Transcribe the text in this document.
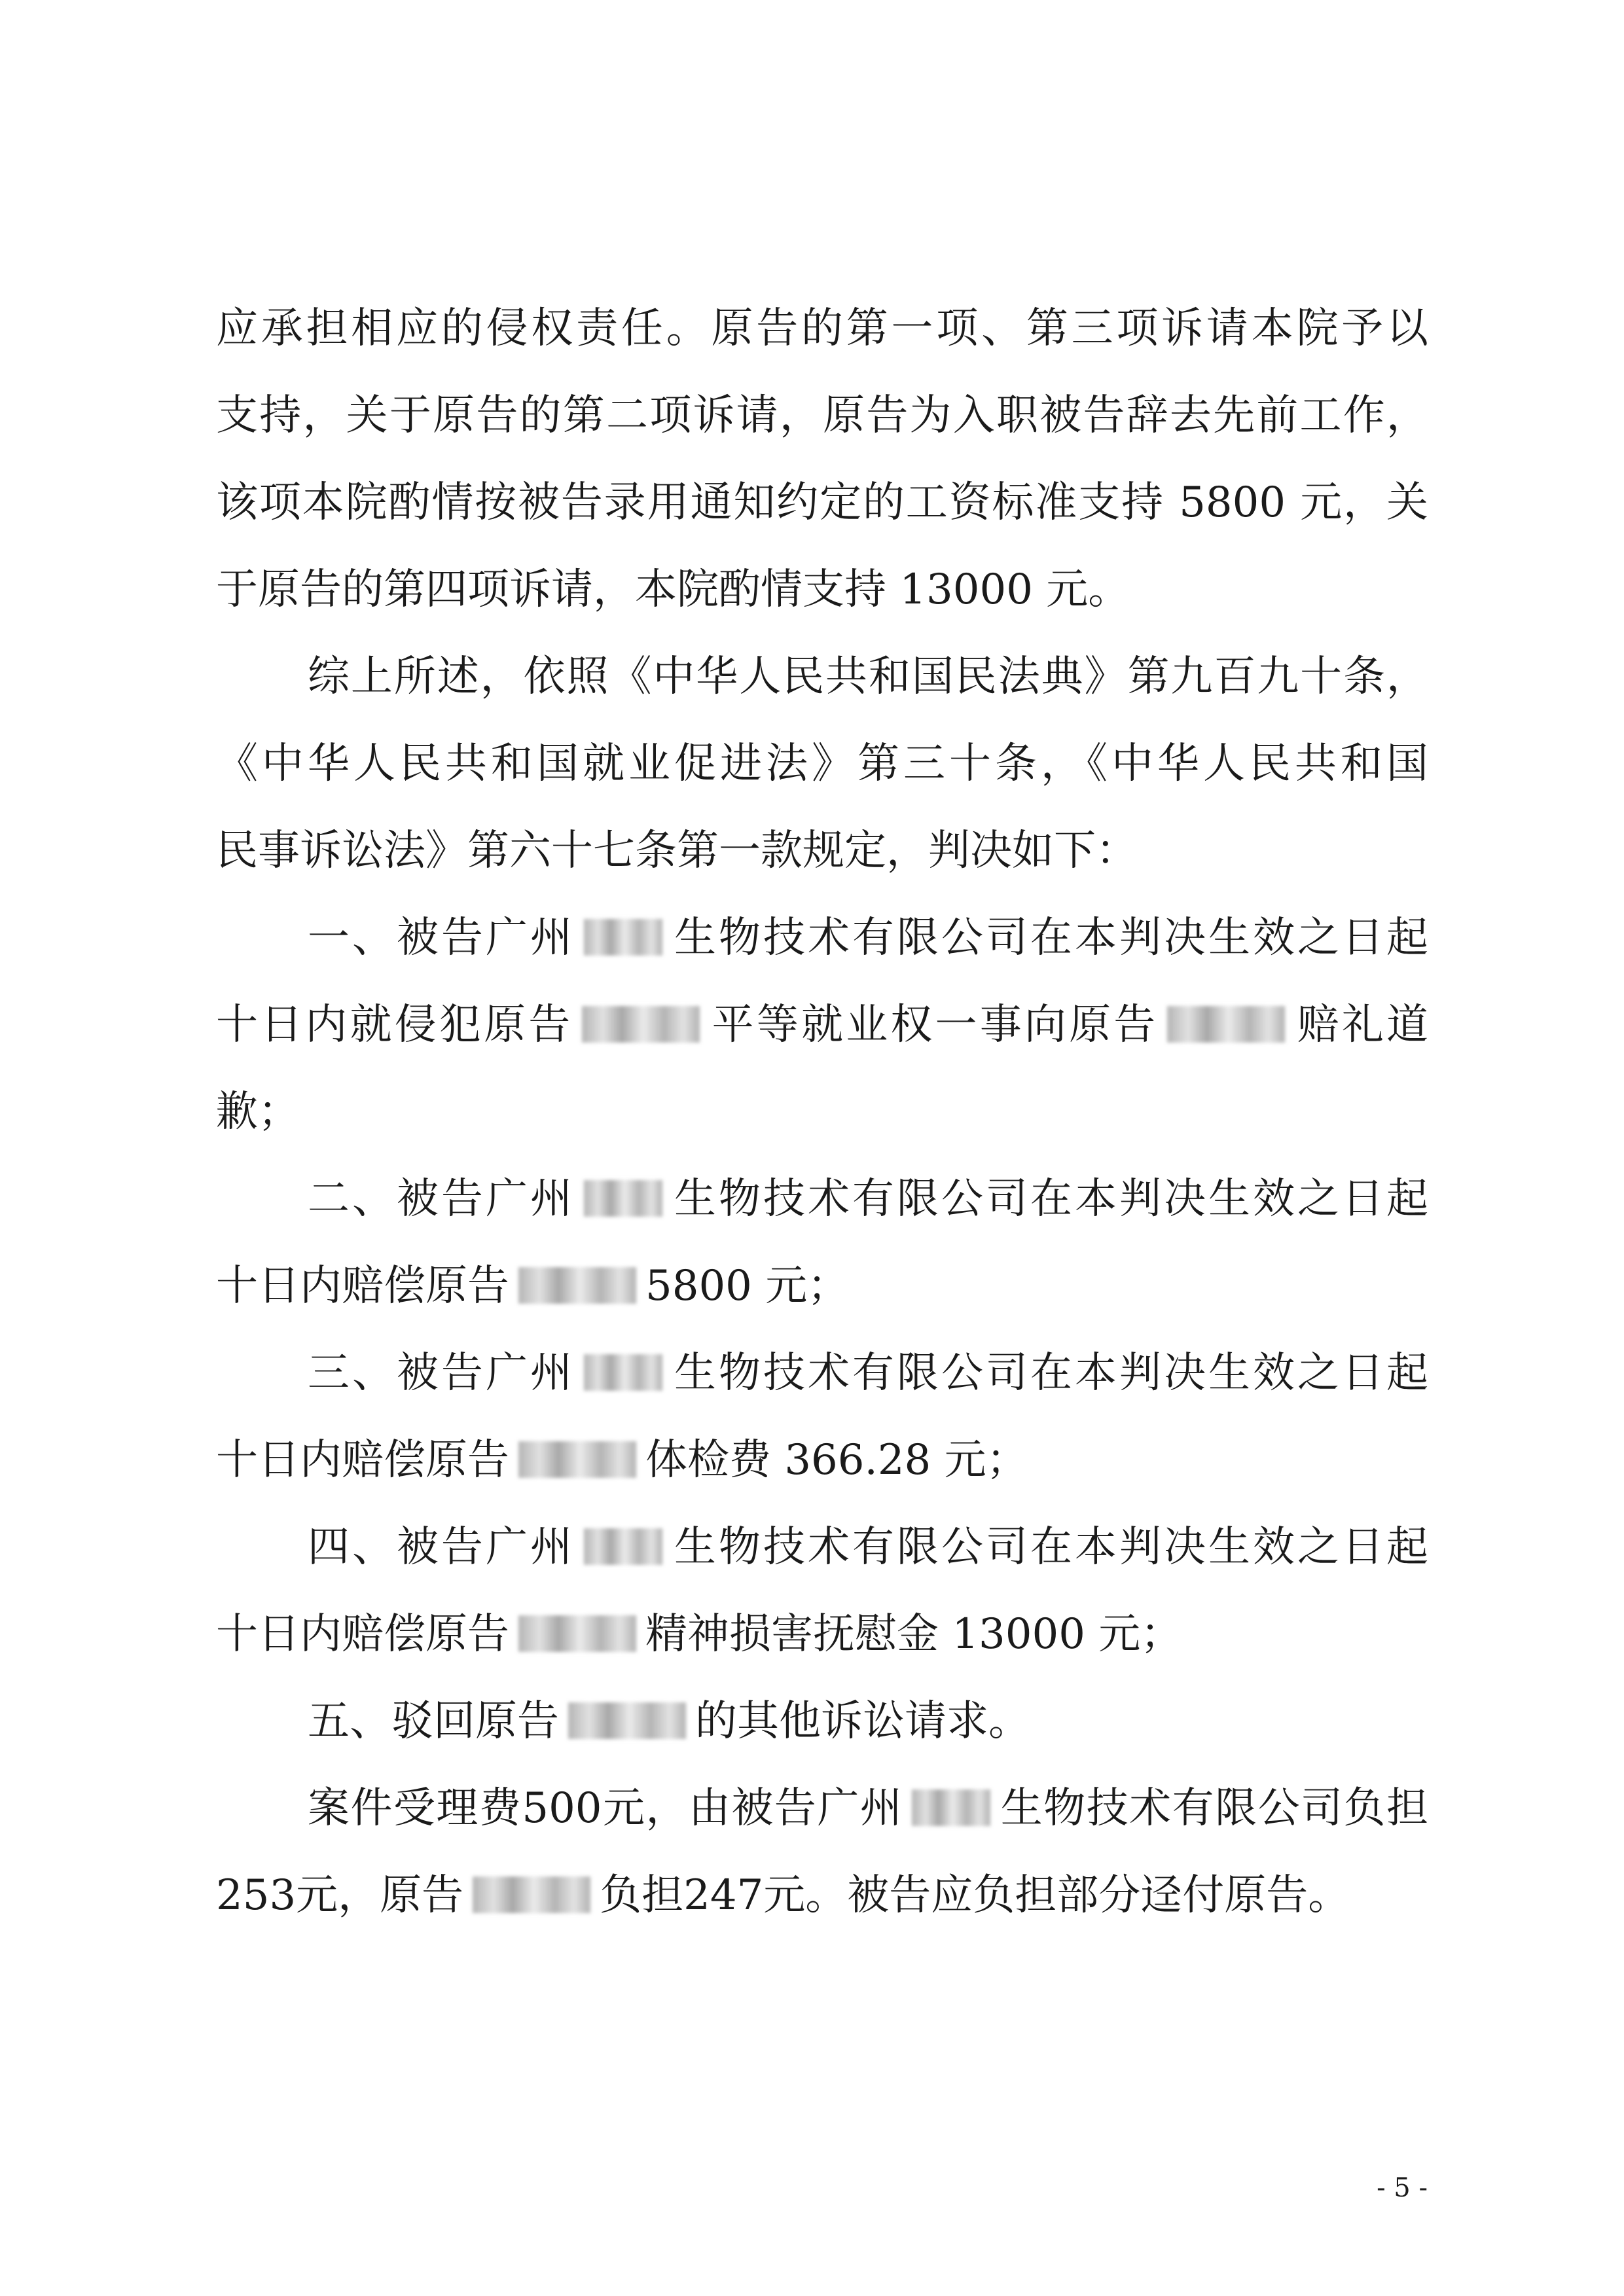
应承担相应的侵权责任。原告的第一项、第三项诉请本院予以
支持，关于原告的第二项诉请，原告为入职被告辞去先前工作，
该项本院酌情按被告录用通知约定的工资标准支持 5800 元，关
于原告的第四项诉请，本院酌情支持 13000 元。
综上所述，依照《中华人民共和国民法典》第九百九十条，
《中华人民共和国就业促进法》第三十条，《中华人民共和国
民事诉讼法》第六十七条第一款规定，判决如下：
一、被告广州 生物技术有限公司在本判决生效之日起
十日内就侵犯原告	平等就业权一事向原告	赔礼道
歉；
二、被告广州 生物技术有限公司在本判决生效之日起
十日内赔偿原告	5800 元；
三、被告广州 生物技术有限公司在本判决生效之日起
十日内赔偿原告	体检费 366.28 元；
四、被告广州 生物技术有限公司在本判决生效之日起
十日内赔偿原告	精神损害抚慰金 13000 元；
五、驳回原告	的其他诉讼请求。
案件受理费500元，由被告广州 生物技术有限公司负担
253元，原告	负担247元。被告应负担部分迳付原告。
- 5 -
